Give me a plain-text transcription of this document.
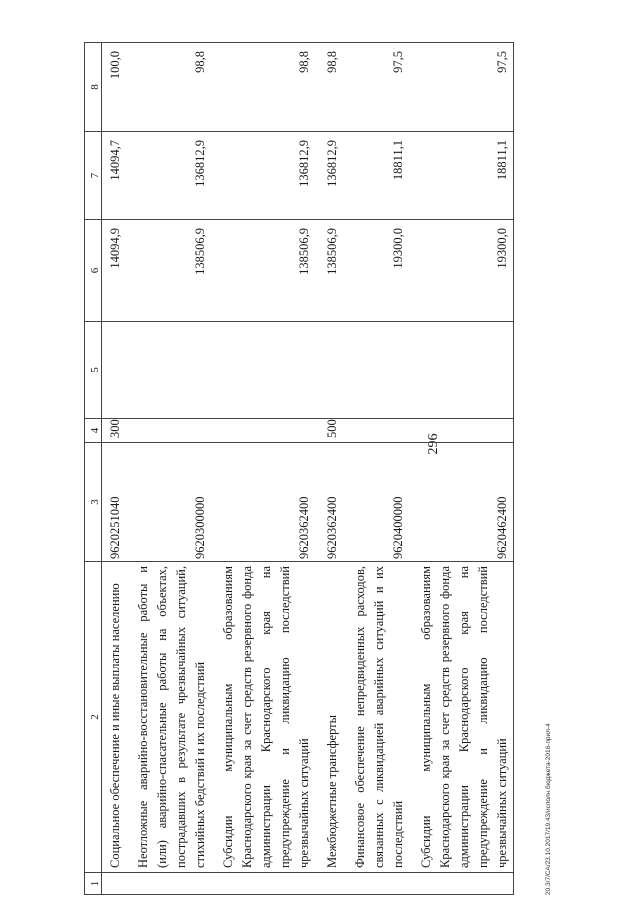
296
1	2	3	4	5	6	7	8
	Социальное обеспечение и иные выплаты населению	9620251040	300		14094,9	14094,7	100,0
	Неотложные аварийно-восстановительные работы и (или) аварийно-спасательные работы на объектах, пострадавших в результате чрезвычайных ситуаций, стихийных бедствий и их последствий	9620300000			138506,9	136812,9	98,8
	Субсидии муниципальным образованиям Краснодарского края за счет средств резервного фонда администрации Краснодарского края на предупреждение и ликвидацию последствий чрезвычайных ситуаций	9620362400			138506,9	136812,9	98,8
	Межбюджетные трансферты	9620362400	500		138506,9	136812,9	98,8
	Финансовое обеспечение непредвиденных расходов, связанных с ликвидацией аварийных ситуаций и их последствий	9620400000			19300,0	18811,1	97,5
	Субсидии муниципальным образованиям Краснодарского края за счет средств резервного фонда администрации Краснодарского края на предупреждение и ликвидацию последствий чрезвычайных ситуаций	9620462400			19300,0	18811,1	97,5
20.3/7/СА/23.10.2017/19.43/исполн.бюджета-2016-прил-4
